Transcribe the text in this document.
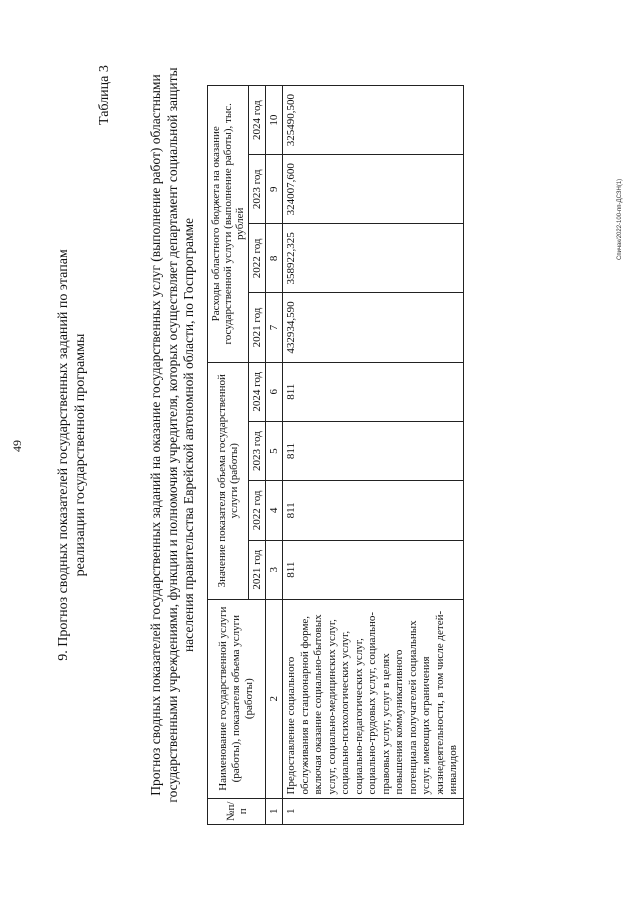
49
Спичак/2022-100-пп-ДСЗН(1)
9. Прогноз сводных показателей государственных заданий по этапам реализации государственной программы
Таблица 3	Прогноз сводных показателей государственных заданий на оказание государственных услуг (выполнение работ) областными государственными учреждениями, функции и полномочия учредителя, которых осуществляет департамент социальной защиты населения правительства Еврейской автономной области, по Госпрограмме
№п/п	Наименование государственной услуги (работы), показателя объема услуги (работы)	Значение показателя объема государственной услуги (работы)				Расходы областного бюджета на оказание государственной услуги (выполнение работы), тыс. рублей			
		2021 год	2022 год	2023 год	2024 год	2021 год	2022 год	2023 год	2024 год
1	2	3	4	5	6	7	8	9	10
1	Предоставление социального обслуживания в стационарной форме, включая оказание социально-бытовых услуг, социально-медицинских услуг, социально-психологических услуг, социально-педагогических услуг, социально-трудовых услуг, социально-правовых услуг, услуг в целях повышения коммуникативного потенциала получателей социальных услуг, имеющих ограничения жизнедеятельности, в том числе детей-инвалидов	811	811	811	811	432934,590	358922,325	324007,600	325490,500
